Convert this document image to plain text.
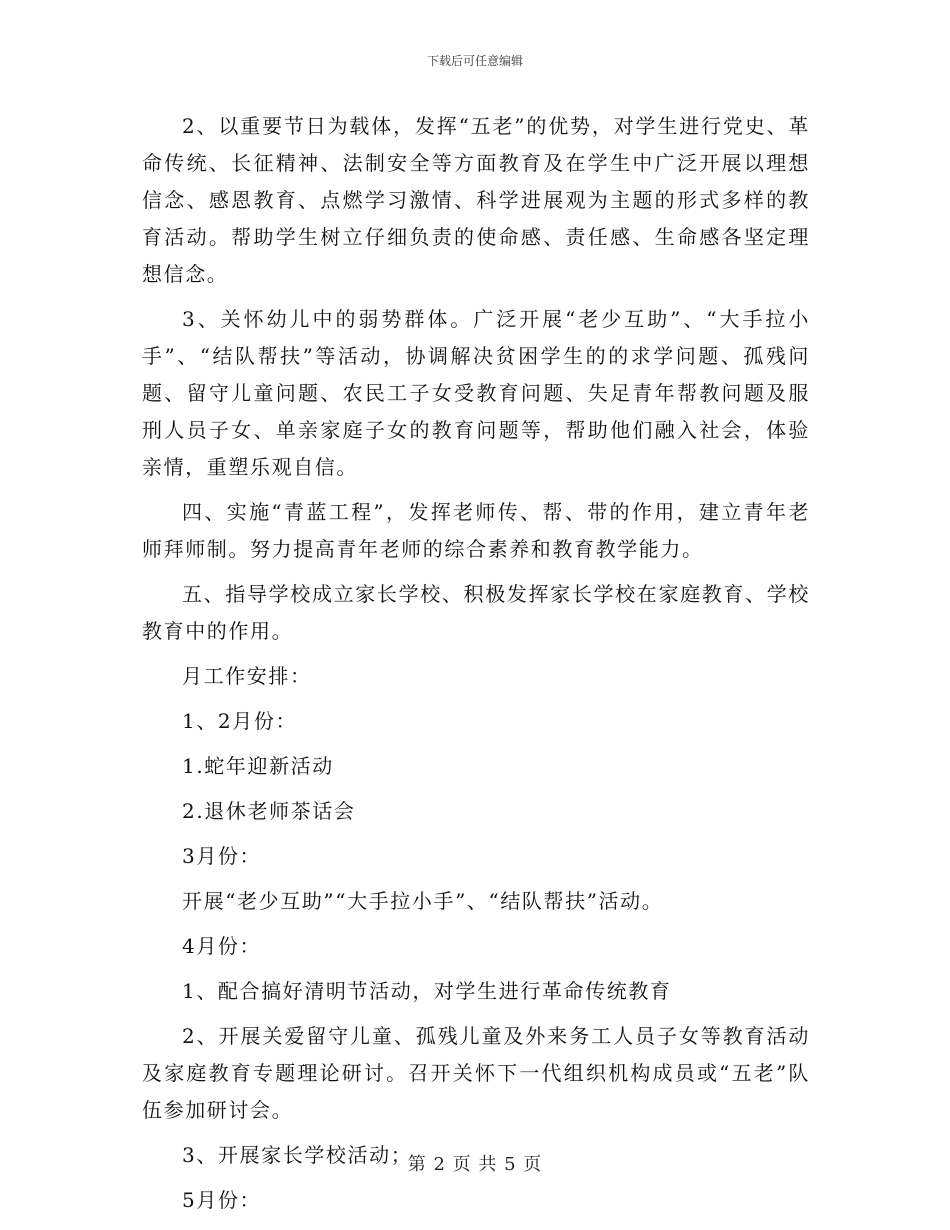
下载后可任意编辑

2、以重要节日为载体，发挥“五老”的优势，对学生进行党史、革命传统、长征精神、法制安全等方面教育及在学生中广泛开展以理想信念、感恩教育、点燃学习激情、科学进展观为主题的形式多样的教育活动。帮助学生树立仔细负责的使命感、责任感、生命感各坚定理想信念。

3、关怀幼儿中的弱势群体。广泛开展“老少互助”、“大手拉小手”、“结队帮扶”等活动，协调解决贫困学生的的求学问题、孤残问题、留守儿童问题、农民工子女受教育问题、失足青年帮教问题及服刑人员子女、单亲家庭子女的教育问题等，帮助他们融入社会，体验亲情，重塑乐观自信。

四、实施“青蓝工程”，发挥老师传、帮、带的作用，建立青年老师拜师制。努力提高青年老师的综合素养和教育教学能力。

五、指导学校成立家长学校、积极发挥家长学校在家庭教育、学校教育中的作用。

月工作安排：

1、2月份：

1.蛇年迎新活动

2.退休老师茶话会

3月份：

开展“老少互助”“大手拉小手”、“结队帮扶”活动。

4月份：

1、配合搞好清明节活动，对学生进行革命传统教育

2、开展关爱留守儿童、孤残儿童及外来务工人员子女等教育活动及家庭教育专题理论研讨。召开关怀下一代组织机构成员或“五老”队伍参加研讨会。

3、开展家长学校活动；

5月份：

第 2 页 共 5 页
